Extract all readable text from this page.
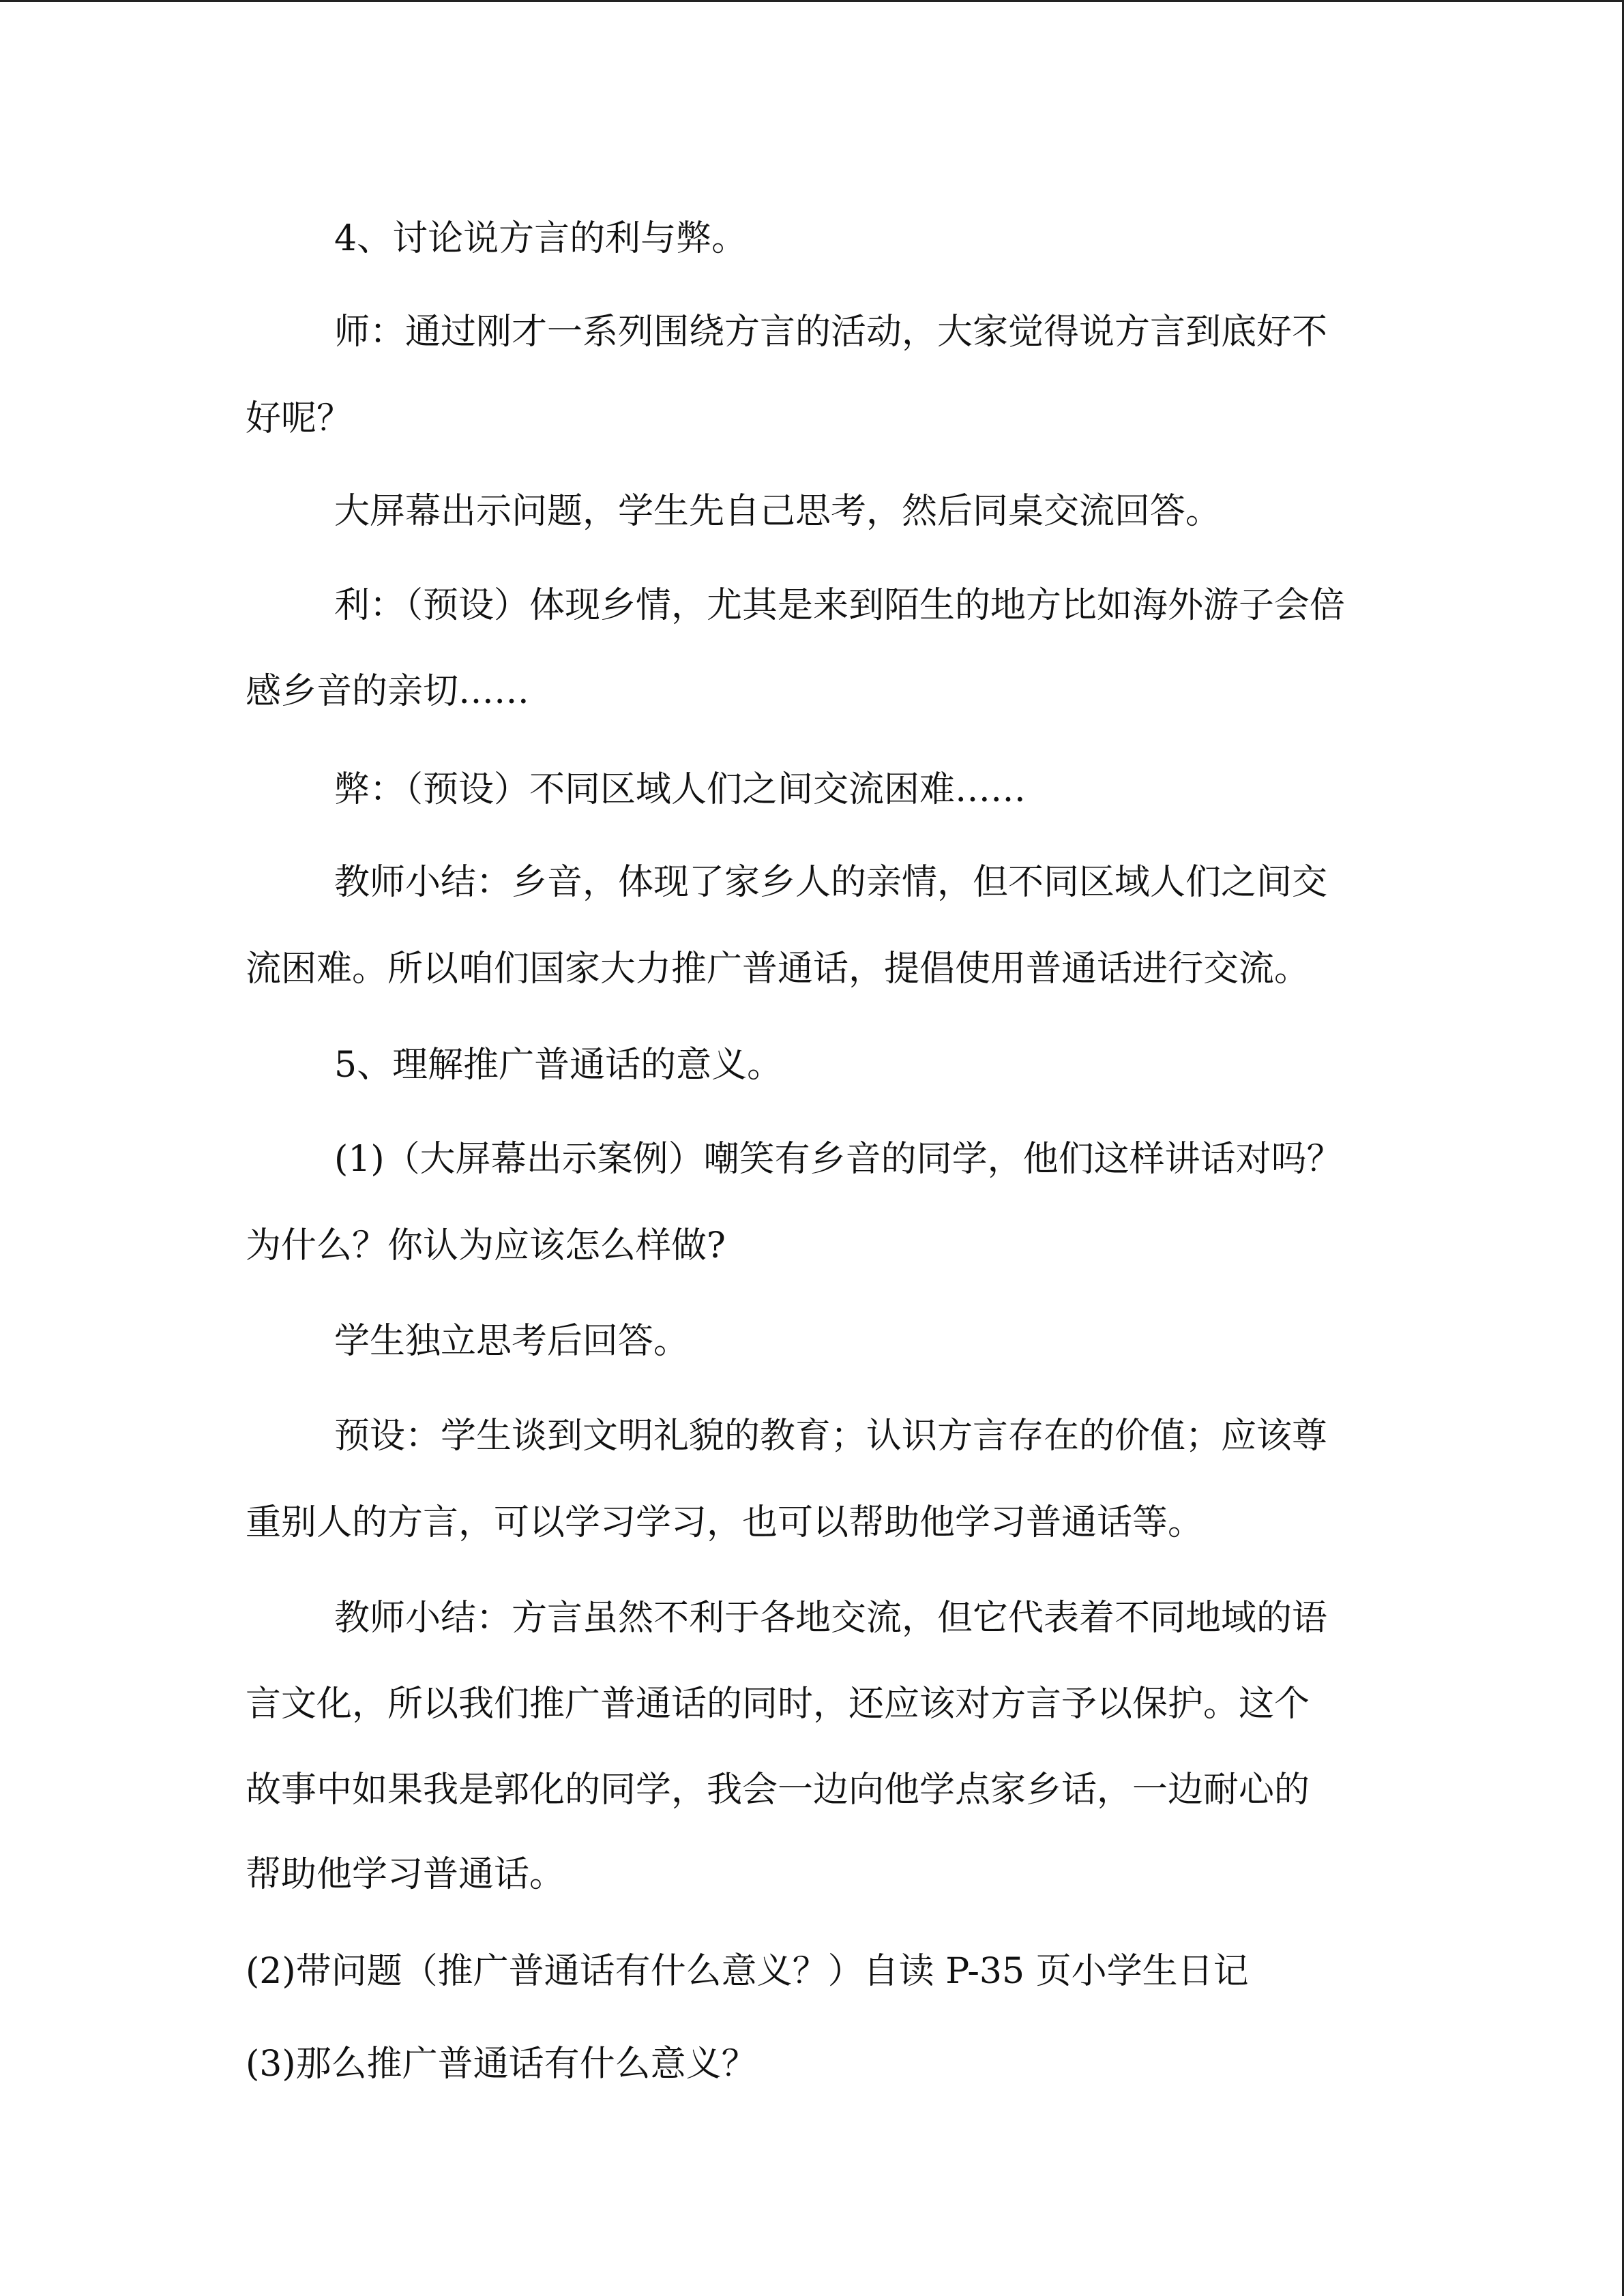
4、讨论说方言的利与弊。
师：通过刚才一系列围绕方言的活动，大家觉得说方言到底好不
好呢？
大屏幕出示问题，学生先自己思考，然后同桌交流回答。
利：（预设）体现乡情，尤其是来到陌生的地方比如海外游子会倍
感乡音的亲切……
弊：（预设）不同区域人们之间交流困难……
教师小结：乡音，体现了家乡人的亲情，但不同区域人们之间交
流困难。所以咱们国家大力推广普通话，提倡使用普通话进行交流。
5、理解推广普通话的意义。
(1)（大屏幕出示案例）嘲笑有乡音的同学，他们这样讲话对吗？
为什么？你认为应该怎么样做?
学生独立思考后回答。
预设：学生谈到文明礼貌的教育；认识方言存在的价值；应该尊
重别人的方言，可以学习学习，也可以帮助他学习普通话等。
教师小结：方言虽然不利于各地交流，但它代表着不同地域的语
言文化，所以我们推广普通话的同时，还应该对方言予以保护。这个
故事中如果我是郭化的同学，我会一边向他学点家乡话，一边耐心的
帮助他学习普通话。
(2)带问题（推广普通话有什么意义？）自读 P-35 页小学生日记
(3)那么推广普通话有什么意义？
